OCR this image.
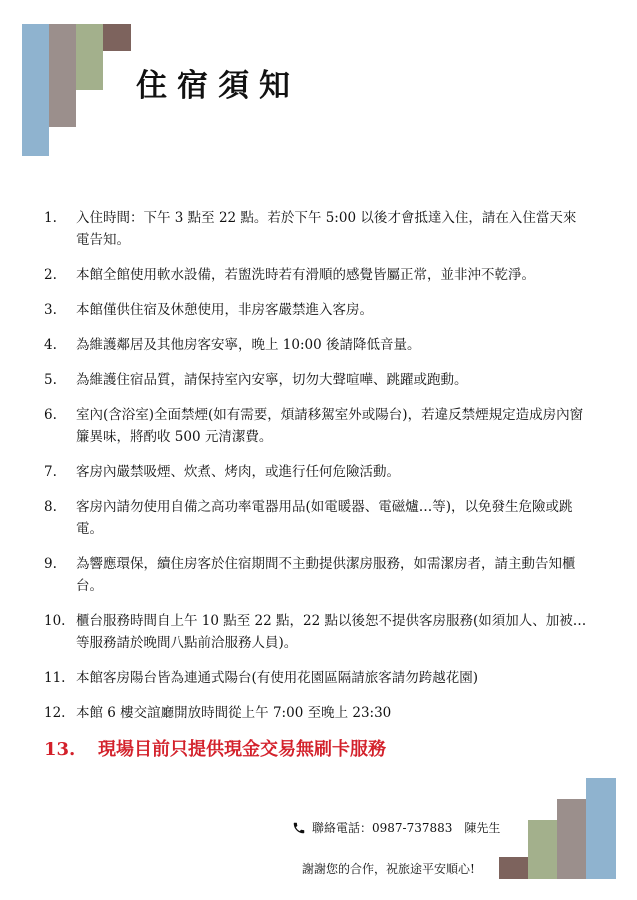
住宿須知
1.	入住時間：下午 3 點至 22 點。若於下午 5:00 以後才會抵達入住，請在入住當天來電告知。
2.	本館全館使用軟水設備，若盥洗時若有滑順的感覺皆屬正常，並非沖不乾淨。
3.	本館僅供住宿及休憩使用，非房客嚴禁進入客房。
4.	為維護鄰居及其他房客安寧，晚上 10:00 後請降低音量。
5.	為維護住宿品質，請保持室內安寧，切勿大聲喧嘩、跳躍或跑動。
6.	室內(含浴室)全面禁煙(如有需要，煩請移駕室外或陽台)，若違反禁煙規定造成房內窗簾異味，將酌收 500 元清潔費。
7.	客房內嚴禁吸煙、炊煮、烤肉，或進行任何危險活動。
8.	客房內請勿使用自備之高功率電器用品(如電暖器、電磁爐…等)，以免發生危險或跳電。
9.	為響應環保，續住房客於住宿期間不主動提供潔房服務，如需潔房者，請主動告知櫃台。
10. 櫃台服務時間自上午 10 點至 22 點，22 點以後恕不提供客房服務(如須加人、加被…等服務請於晚間八點前洽服務人員)。
11. 本館客房陽台皆為連通式陽台(有使用花園區隔請旅客請勿跨越花園)
12. 本館 6 樓交誼廳開放時間從上午 7:00 至晚上 23:30
13.	現場目前只提供現金交易無刷卡服務
聯絡電話：0987-737883　陳先生
謝謝您的合作，祝旅途平安順心!
